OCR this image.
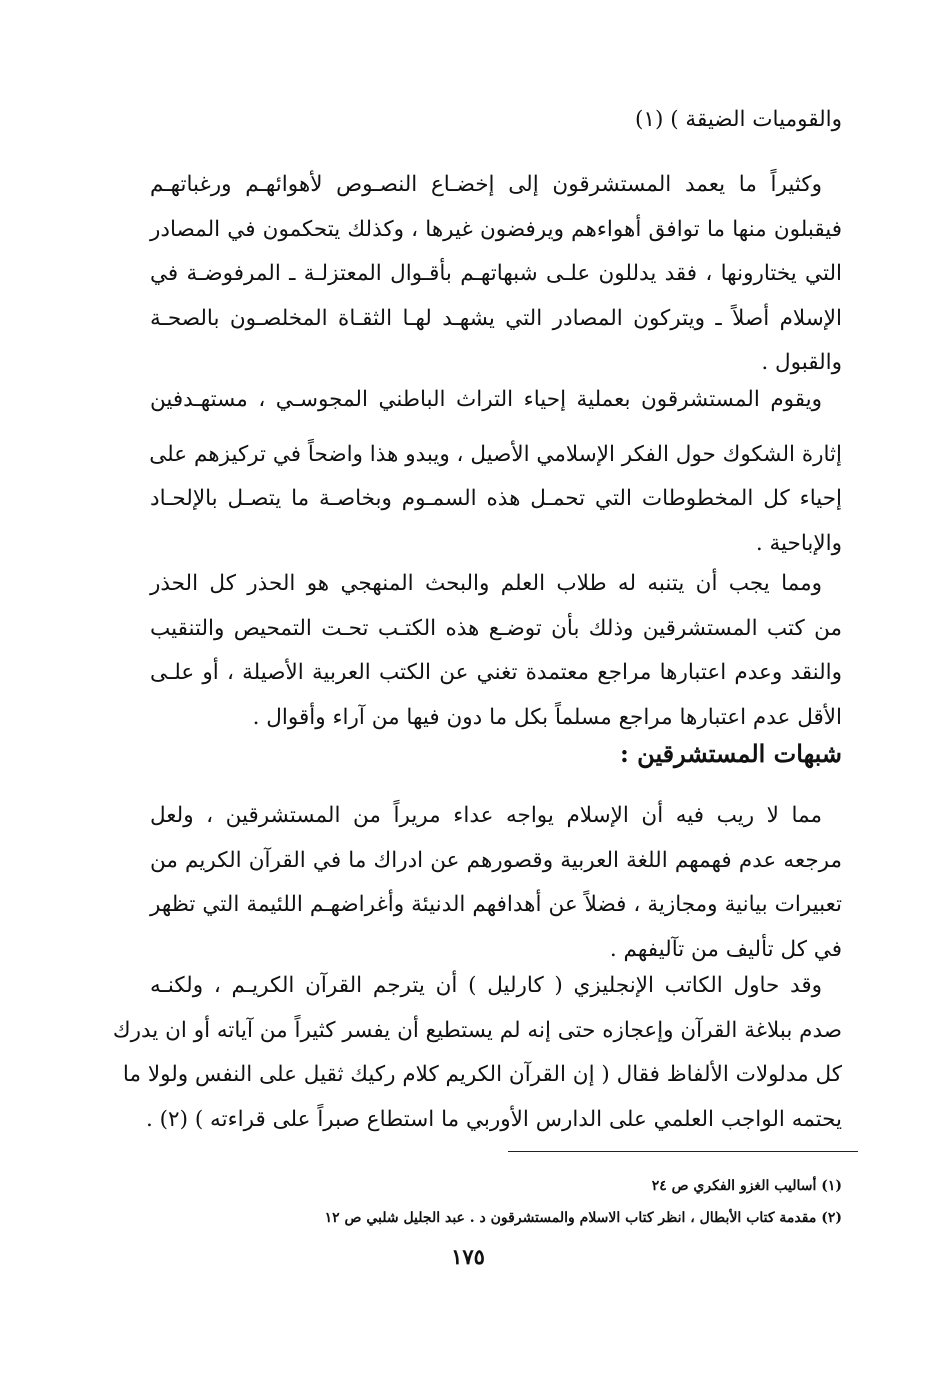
والقوميات الضيقة ) (١)
وكثيراً ما يعمد المستشرقون إلى إخضـاع النصـوص لأهوائهـم ورغباتهـم
فيقبلون منها ما توافق أهواءهم ويرفضون غيرها ، وكذلك يتحكمون في المصادر
التي يختارونها ، فقد يدللون علـى شبهاتهـم بأقـوال المعتزلـة ـ المرفوضـة في
الإسلام أصلاً ـ ويتركون المصادر التي يشهـد لهـا الثقـاة المخلصـون بالصحـة
والقبول .
ويقوم المستشرقون بعملية إحياء التراث الباطني المجوسـي ، مستهـدفين
إثارة الشكوك حول الفكر الإسلامي الأصيل ، ويبدو هذا واضحاً في تركيزهم على
إحياء كل المخطوطات التي تحمـل هذه السمـوم وبخاصـة ما يتصـل بالإلحـاد
والإباحية .
ومما يجب أن يتنبه له طلاب العلم والبحث المنهجي هو الحذر كل الحذر
من كتب المستشرقين وذلك بأن توضـع هذه الكتـب تحـت التمحيص والتنقيب
والنقد وعدم اعتبارها مراجع معتمدة تغني عن الكتب العربية الأصيلة ، أو علـى
الأقل عدم اعتبارها مراجع مسلماً بكل ما دون فيها من آراء وأقوال .
شبهات المستشرقين :
مما لا ريب فيه أن الإسلام يواجه عداء مريراً من المستشرقين ، ولعل
مرجعه عدم فهمهم اللغة العربية وقصورهم عن ادراك ما في القرآن الكريم من
تعبيرات بيانية ومجازية ، فضلاً عن أهدافهم الدنيئة وأغراضهـم اللئيمة التي تظهر
في كل تأليف من تآليفهم .
وقد حاول الكاتب الإنجليزي ( كارليل ) أن يترجم القرآن الكريـم ، ولكنـه
صدم ببلاغة القرآن وإعجازه حتى إنه لم يستطيع أن يفسر كثيراً من آياته أو ان يدرك
كل مدلولات الألفاظ فقال ( إن القرآن الكريم كلام ركيك ثقيل على النفس ولولا ما
يحتمه الواجب العلمي على الدارس الأوربي ما استطاع صبراً على قراءته ) (٢) .
(١) أساليب الغزو الفكري ص ٢٤
(٢) مقدمة كتاب الأبطال ، انظر كتاب الاسلام والمستشرقون د . عبد الجليل شلبي ص ١٢
١٧٥
